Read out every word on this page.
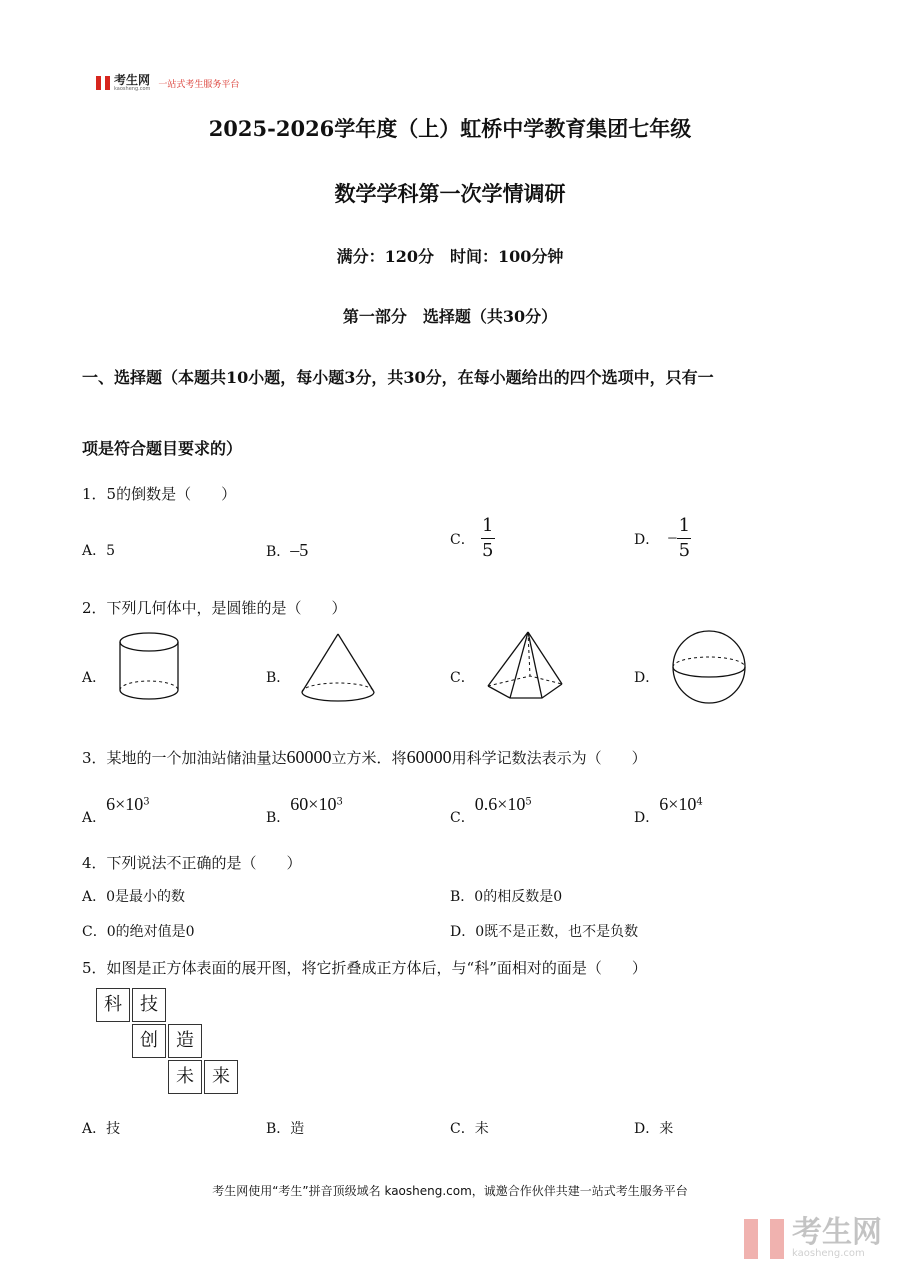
考生网
kaosheng.com 一站式考生服务平台
2025-2026学年度（上）虹桥中学教育集团七年级
数学学科第一次学情调研
满分：120分　时间：100分钟
第一部分　选择题（共30分）
一、选择题（本题共10小题，每小题3分，共30分，在每小题给出的四个选项中，只有一
项是符合题目要求的）
1．5的倒数是（　　）
A．5	B．–5
C． $\frac{1}{5}$	D． − $\frac{1}{5}$
2．下列几何体中，是圆锥的是（　　）
A．	B．	C．	D．
3．某地的一个加油站储油量达60000立方米．将60000用科学记数法表示为（　　）
A．$6\times 10^3$
B．$60\times 10^3$
C．$0.6\times 10^5$
D．$6\times 10^4$
4．下列说法不正确的是（　　）
A．0是最小的数	B．0的相反数是0
C．0的绝对值是0	D．0既不是正数，也不是负数
5．如图是正方体表面的展开图，将它折叠成正方体后，与“科”面相对的面是（　　）
科	技
创	造
未	来
A．技	B．造	C．未	D．来
考生网使用“考生”拼音顶级域名 kaosheng.com，诚邀合作伙伴共建一站式考生服务平台
考生网
kaosheng.com
